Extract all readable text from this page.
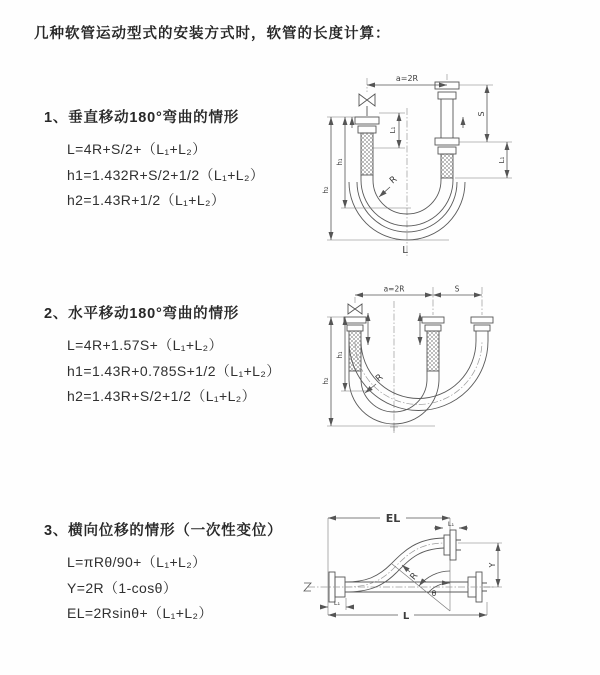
几种软管运动型式的安装方式时，软管的长度计算：
1、垂直移动180°弯曲的情形
L=4R+S/2+（L₁+L₂）
h1=1.432R+S/2+1/2（L₁+L₂）
h2=1.43R+1/2（L₁+L₂）
2、水平移动180°弯曲的情形
L=4R+1.57S+（L₁+L₂）
h1=1.43R+0.785S+1/2（L₁+L₂）
h2=1.43R+S/2+1/2（L₁+L₂）
3、横向位移的情形（一次性变位）
L=πRθ/90+（L₁+L₂）
Y=2R（1-cosθ）
EL=2Rsinθ+（L₁+L₂）
a=2R
h₁
h₂
L₁
S
L₁
R
L
a=2R	S
h₁
h₂	R
EL	L₁
R
θ
Y
L₁
L
